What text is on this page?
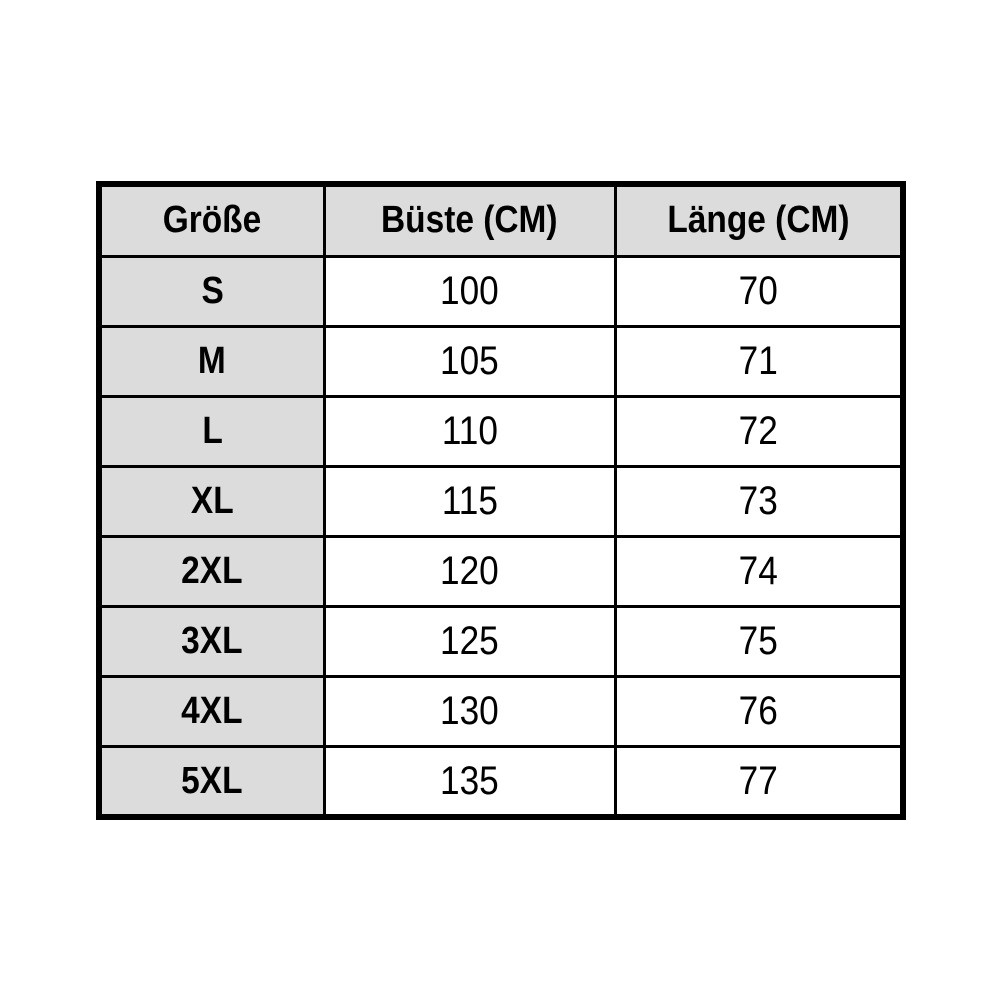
Größe	Büste (CM)	Länge (CM)
S	100	70
M	105	71
L	110	72
XL	115	73
2XL	120	74
3XL	125	75
4XL	130	76
5XL	135	77
